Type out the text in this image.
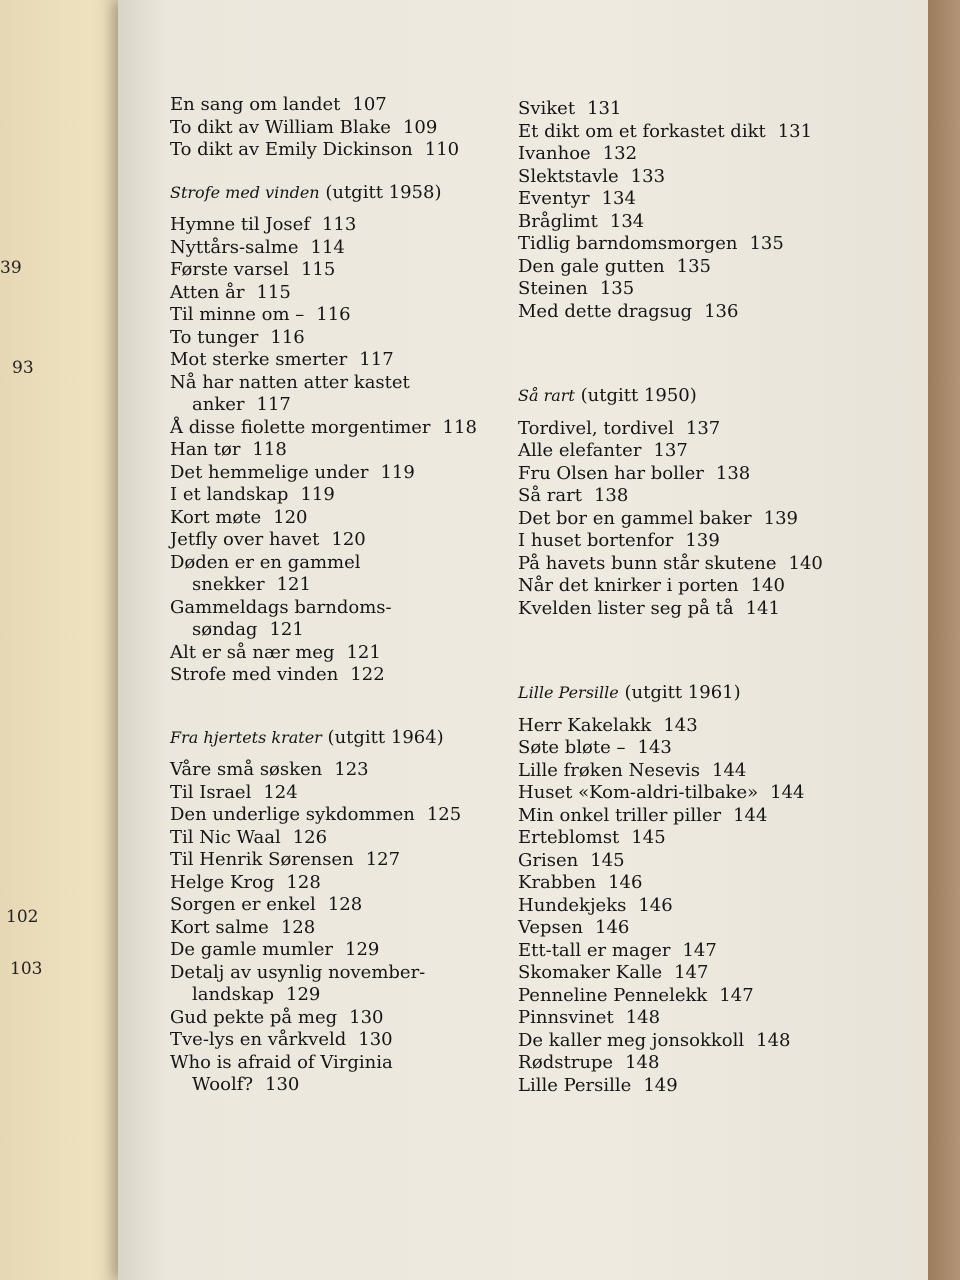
39
93
102
103
En sang om landet 107
To dikt av William Blake 109
To dikt av Emily Dickinson 110
Strofe med vinden (utgitt 1958)
Hymne til Josef 113
Nyttårs-salme 114
Første varsel 115
Atten år 115
Til minne om – 116
To tunger 116
Mot sterke smerter 117
Nå har natten atter kastet
anker 117
Å disse fiolette morgentimer 118
Han tør 118
Det hemmelige under 119
I et landskap 119
Kort møte 120
Jetfly over havet 120
Døden er en gammel
snekker 121
Gammeldags barndoms-
søndag 121
Alt er så nær meg 121
Strofe med vinden 122
Fra hjertets krater (utgitt 1964)
Våre små søsken 123
Til Israel 124
Den underlige sykdommen 125
Til Nic Waal 126
Til Henrik Sørensen 127
Helge Krog 128
Sorgen er enkel 128
Kort salme 128
De gamle mumler 129
Detalj av usynlig november-
landskap 129
Gud pekte på meg 130
Tve-lys en vårkveld 130
Who is afraid of Virginia
Woolf? 130
Sviket 131
Et dikt om et forkastet dikt 131
Ivanhoe 132
Slektstavle 133
Eventyr 134
Bråglimt 134
Tidlig barndomsmorgen 135
Den gale gutten 135
Steinen 135
Med dette dragsug 136
Så rart (utgitt 1950)
Tordivel, tordivel 137
Alle elefanter 137
Fru Olsen har boller 138
Så rart 138
Det bor en gammel baker 139
I huset bortenfor 139
På havets bunn står skutene 140
Når det knirker i porten 140
Kvelden lister seg på tå 141
Lille Persille (utgitt 1961)
Herr Kakelakk 143
Søte bløte – 143
Lille frøken Nesevis 144
Huset «Kom-aldri-tilbake» 144
Min onkel triller piller 144
Erteblomst 145
Grisen 145
Krabben 146
Hundekjeks 146
Vepsen 146
Ett-tall er mager 147
Skomaker Kalle 147
Penneline Pennelekk 147
Pinnsvinet 148
De kaller meg jonsokkoll 148
Rødstrupe 148
Lille Persille 149
